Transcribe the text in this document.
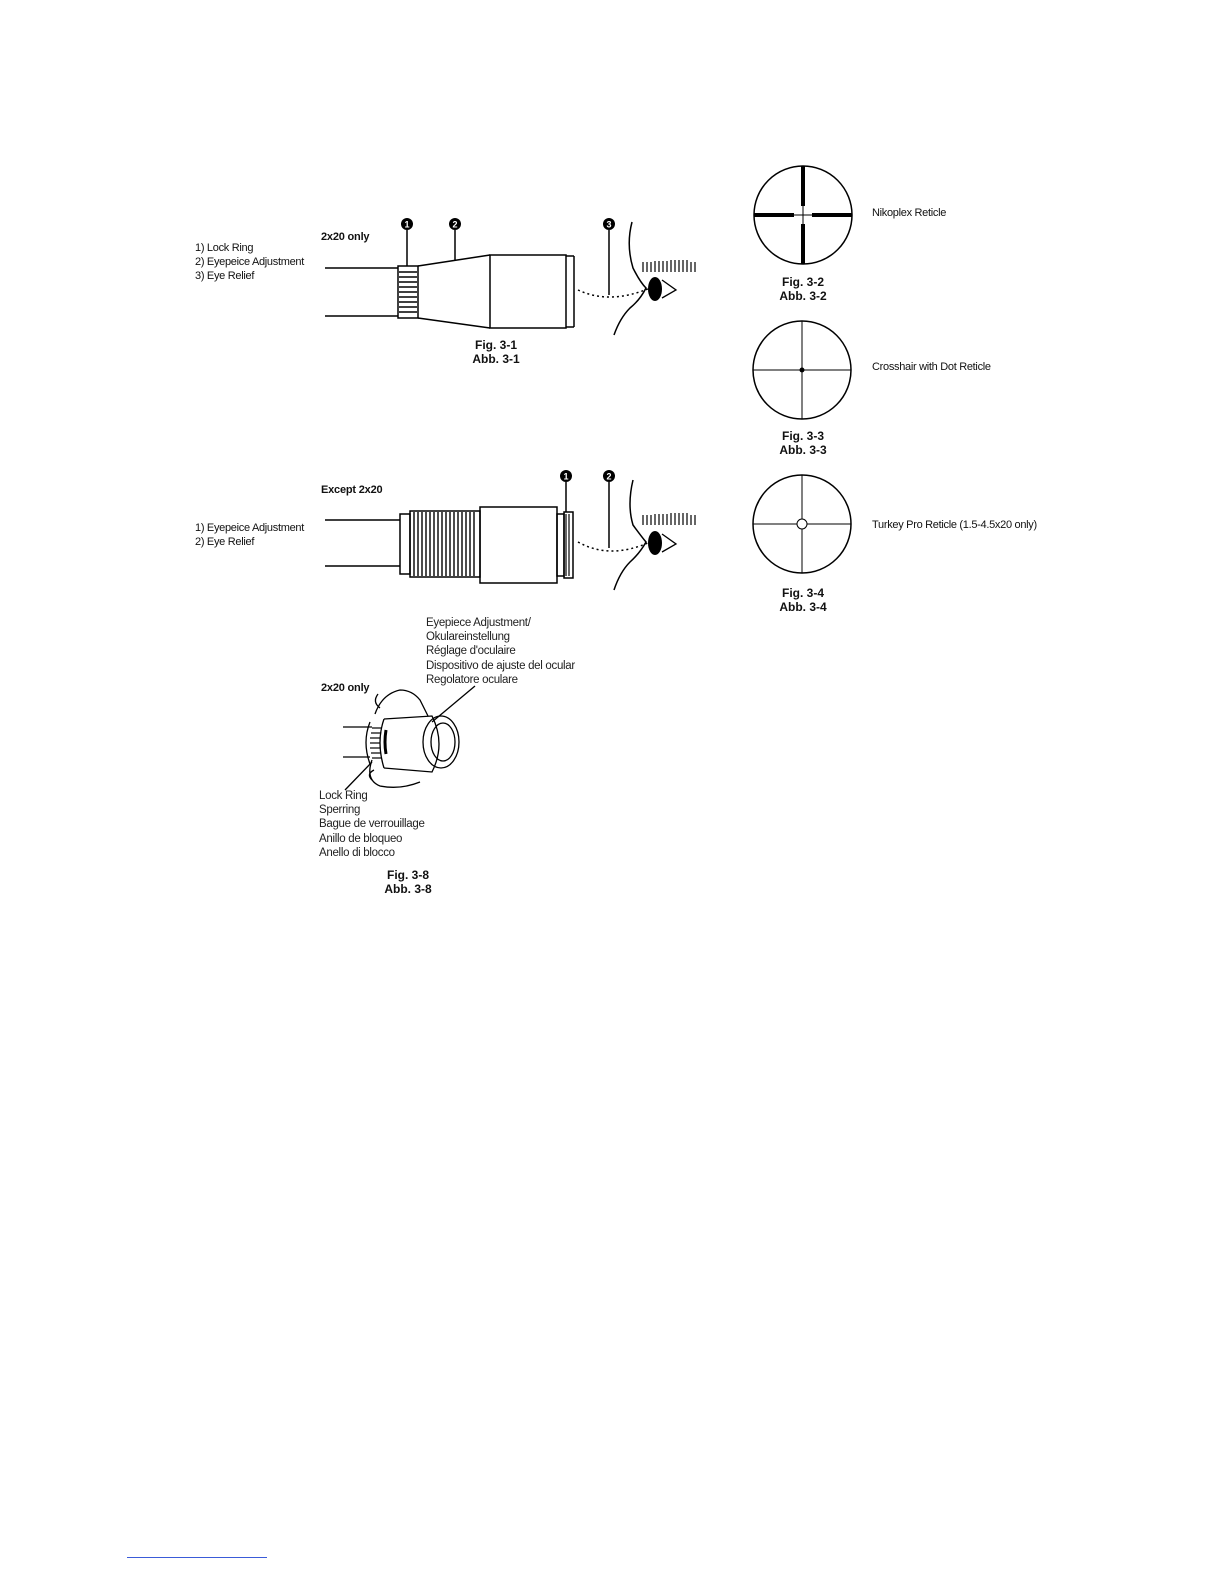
1) Lock Ring
2) Eyepeice Adjustment
3) Eye Relief
2x20 only
1	2	3
Fig. 3-1
Abb. 3-1
Nikoplex Reticle
Fig. 3-2
Abb. 3-2
Crosshair with Dot Reticle
Fig. 3-3
Abb. 3-3
Turkey Pro Reticle (1.5-4.5x20 only)
Fig. 3-4
Abb. 3-4
1) Eyepeice Adjustment
2) Eye Relief
Except 2x20
1	2
Eyepiece Adjustment/
Okulareinstellung
Réglage d'oculaire
Dispositivo de ajuste del ocular
Regolatore oculare
2x20 only
Lock Ring
Sperring
Bague de verrouillage
Anillo de bloqueo
Anello di blocco
Fig. 3-8
Abb. 3-8
